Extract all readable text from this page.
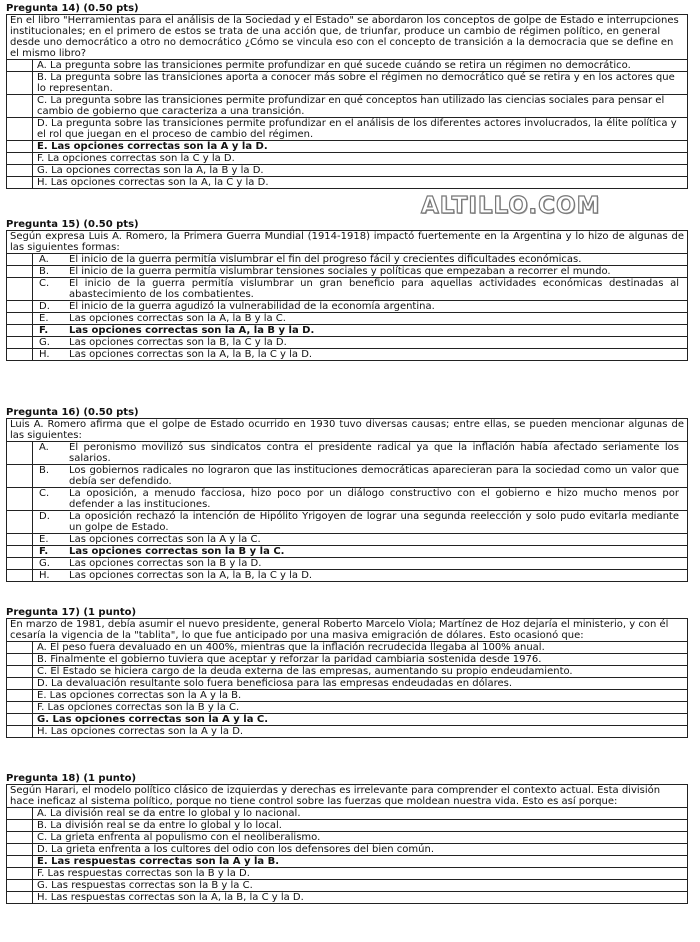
Pregunta 14) (0.50 pts)
En el libro "Herramientas para el análisis de la Sociedad y el Estado" se abordaron los conceptos de golpe de Estado e interrupciones institucionales; en el primero de estos se trata de una acción que, de triunfar, produce un cambio de régimen político, en general desde uno democrático a otro no democrático ¿Cómo se vincula eso con el concepto de transición a la democracia que se define en el mismo libro?
A. La pregunta sobre las transiciones permite profundizar en qué sucede cuándo se retira un régimen no democrático.
B. La pregunta sobre las transiciones aporta a conocer más sobre el régimen no democrático qué se retira y en los actores que lo representan.
C. La pregunta sobre las transiciones permite profundizar en qué conceptos han utilizado las ciencias sociales para pensar el cambio de gobierno que caracteriza a una transición.
D. La pregunta sobre las transiciones permite profundizar en el análisis de los diferentes actores involucrados, la élite política y el rol que juegan en el proceso de cambio del régimen.
E. Las opciones correctas son la A y la D.
F. La opciones correctas son la C y la D.
G. La opciones correctas son la A, la B y la D.
H. Las opciones correctas son la A, la C y la D.
ALTILLO.COM
Pregunta 15) (0.50 pts)
Según expresa Luis A. Romero, la Primera Guerra Mundial (1914-1918) impactó fuertemente en la Argentina y lo hizo de algunas de las siguientes formas:
A.	El inicio de la guerra permitía vislumbrar el fin del progreso fácil y crecientes dificultades económicas.
B.	El inicio de la guerra permitía vislumbrar tensiones sociales y políticas que empezaban a recorrer el mundo.
C.	El inicio de la guerra permitía vislumbrar un gran beneficio para aquellas actividades económicas destinadas al abastecimiento de los combatientes.
D.	El inicio de la guerra agudizó la vulnerabilidad de la economía argentina.
E.	Las opciones correctas son la A, la B y la C.
F.	Las opciones correctas son la A, la B y la D.
G.	Las opciones correctas son la B, la C y la D.
H.	Las opciones correctas son la A, la B, la C y la D.
Pregunta 16) (0.50 pts)
Luis A. Romero afirma que el golpe de Estado ocurrido en 1930 tuvo diversas causas; entre ellas, se pueden mencionar algunas de las siguientes:
A.	El peronismo movilizó sus sindicatos contra el presidente radical ya que la inflación había afectado seriamente los salarios.
B.	Los gobiernos radicales no lograron que las instituciones democráticas aparecieran para la sociedad como un valor que debía ser defendido.
C.	La oposición, a menudo facciosa, hizo poco por un diálogo constructivo con el gobierno e hizo mucho menos por defender a las instituciones.
D.	La oposición rechazó la intención de Hipólito Yrigoyen de lograr una segunda reelección y solo pudo evitarla mediante un golpe de Estado.
E.	Las opciones correctas son la A y la C.
F.	Las opciones correctas son la B y la C.
G.	Las opciones correctas son la B y la D.
H.	Las opciones correctas son la A, la B, la C y la D.
Pregunta 17) (1 punto)
En marzo de 1981, debía asumir el nuevo presidente, general Roberto Marcelo Viola; Martínez de Hoz dejaría el ministerio, y con él cesaría la vigencia de la "tablita", lo que fue anticipado por una masiva emigración de dólares. Esto ocasionó que:
A. El peso fuera devaluado en un 400%, mientras que la inflación recrudecida llegaba al 100% anual.
B. Finalmente el gobierno tuviera que aceptar y reforzar la paridad cambiaria sostenida desde 1976.
C. El Estado se hiciera cargo de la deuda externa de las empresas, aumentando su propio endeudamiento.
D. La devaluación resultante solo fuera beneficiosa para las empresas endeudadas en dólares.
E. Las opciones correctas son la A y la B.
F. Las opciones correctas son la B y la C.
G. Las opciones correctas son la A y la C.
H. Las opciones correctas son la A y la D.
Pregunta 18) (1 punto)
Según Harari, el modelo político clásico de izquierdas y derechas es irrelevante para comprender el contexto actual. Esta división hace ineficaz al sistema político, porque no tiene control sobre las fuerzas que moldean nuestra vida. Esto es así porque:
A. La división real se da entre lo global y lo nacional.
B. La división real se da entre lo global y lo local.
C. La grieta enfrenta al populismo con el neoliberalismo.
D. La grieta enfrenta a los cultores del odio con los defensores del bien común.
E. Las respuestas correctas son la A y la B.
F. Las respuestas correctas son la B y la D.
G. Las respuestas correctas son la B y la C.
H. Las respuestas correctas son la A, la B, la C y la D.
